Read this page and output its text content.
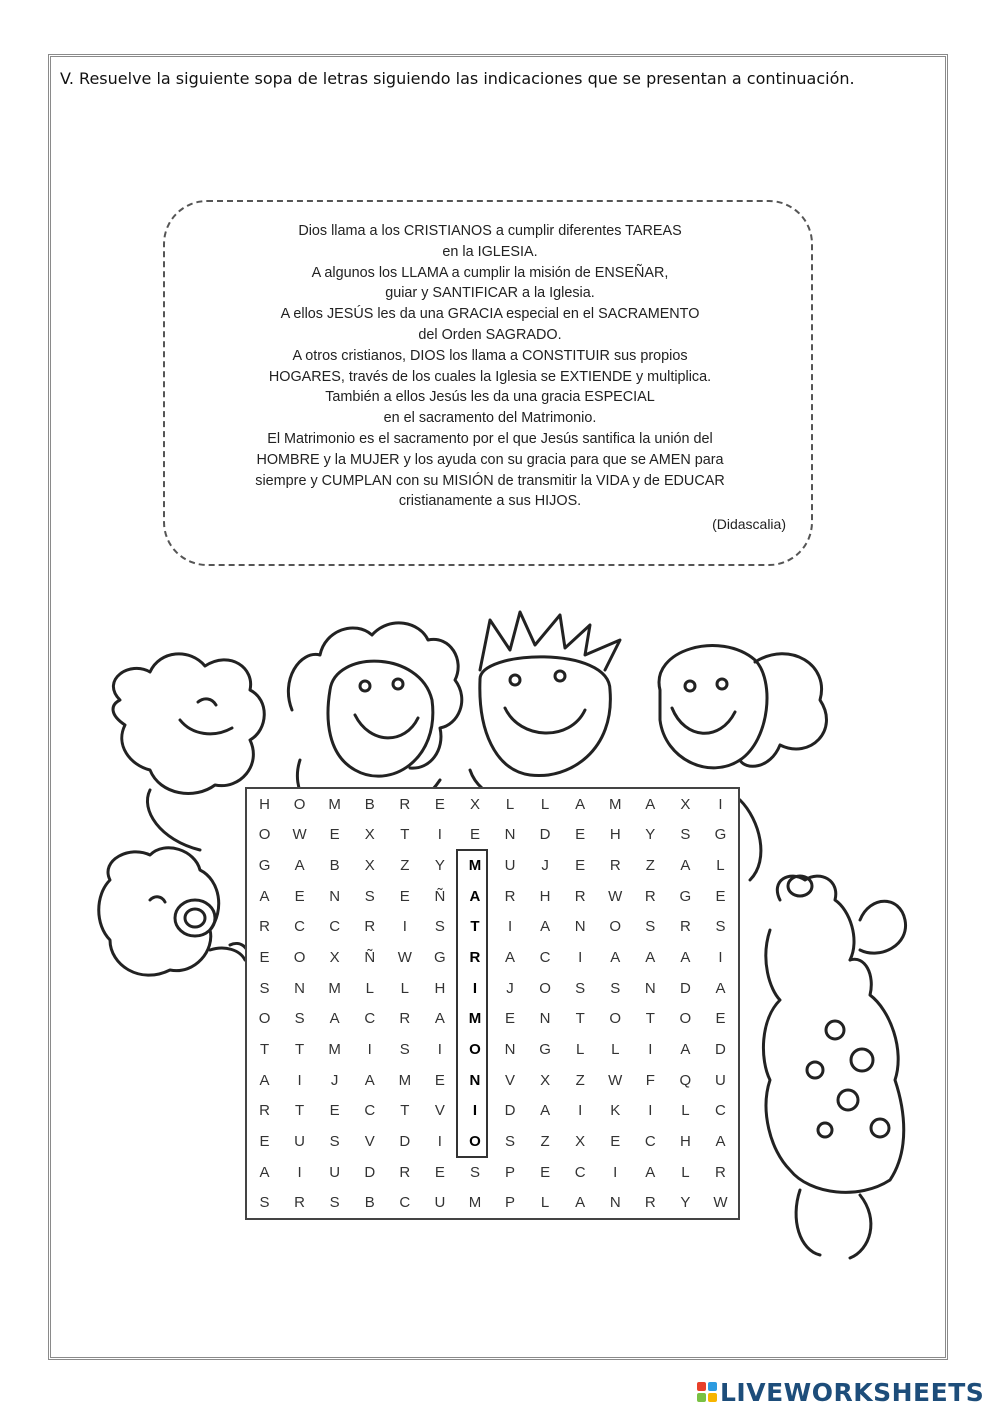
V. Resuelve la siguiente sopa de letras siguiendo las indicaciones que se presentan a continuación.
Dios llama a los CRISTIANOS a cumplir diferentes TAREAS
en la IGLESIA.
A algunos los LLAMA a cumplir la misión de ENSEÑAR,
guiar y SANTIFICAR a la Iglesia.
A ellos JESÚS les da una GRACIA especial en el SACRAMENTO
del Orden SAGRADO.
A otros cristianos, DIOS los llama a CONSTITUIR sus propios
HOGARES, través de los cuales la Iglesia se EXTIENDE y multiplica.
También a ellos Jesús les da una gracia ESPECIAL
en el sacramento del Matrimonio.
El Matrimonio es el sacramento por el que Jesús santifica la unión del
HOMBRE y la MUJER y los ayuda con su gracia para que se AMEN para
siempre y CUMPLAN con su MISIÓN de transmitir la VIDA y de EDUCAR
cristianamente a sus HIJOS.
(Didascalia)
H	O	M	B	R	E	X	L	L	A	M	A	X	I
O	W	E	X	T	I	E	N	D	E	H	Y	S	G
G	A	B	X	Z	Y	M	U	J	E	R	Z	A	L
A	E	N	S	E	Ñ	A	R	H	R	W	R	G	E
R	C	C	R	I	S	T	I	A	N	O	S	R	S
E	O	X	Ñ	W	G	R	A	C	I	A	A	A	I
S	N	M	L	L	H	I	J	O	S	S	N	D	A
O	S	A	C	R	A	M	E	N	T	O	T	O	E
T	T	M	I	S	I	O	N	G	L	L	I	A	D
A	I	J	A	M	E	N	V	X	Z	W	F	Q	U
R	T	E	C	T	V	I	D	A	I	K	I	L	C
E	U	S	V	D	I	O	S	Z	X	E	C	H	A
A	I	U	D	R	E	S	P	E	C	I	A	L	R
S	R	S	B	C	U	M	P	L	A	N	R	Y	W
LIVEWORKSHEETS
